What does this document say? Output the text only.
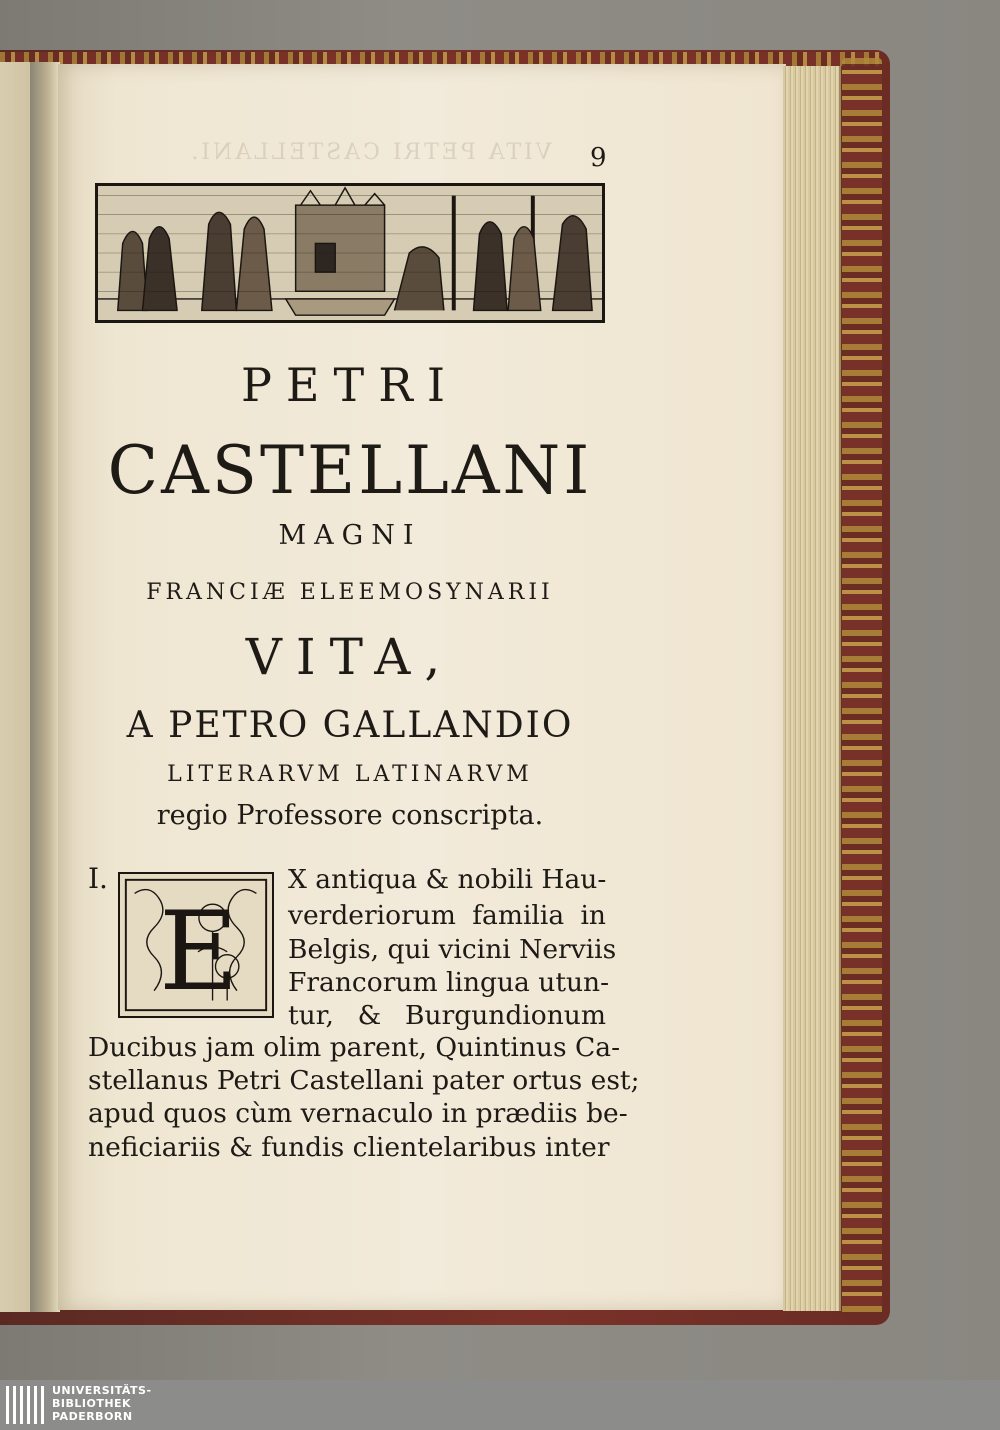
VITA PETRI CASTELLANI.	9
PETRI
CASTELLANI
MAGNI
FRANCIÆ ELEEMOSYNARII
VITA,
A PETRO GALLANDIO
LITERARVM LATINARVM
regio Professore conscripta.
I.
E
X antiqua & nobili Hau-
verderiorum familia in
Belgis, qui vicini Nerviis
Francorum lingua utun-
tur, & Burgundionum
Ducibus jam olim parent, Quintinus Ca-
stellanus Petri Castellani pater ortus est;
apud quos cùm vernaculo in prædiis be-
neficiariis & fundis clientelaribus inter
UNIVERSITÄTS-
BIBLIOTHEK
PADERBORN
